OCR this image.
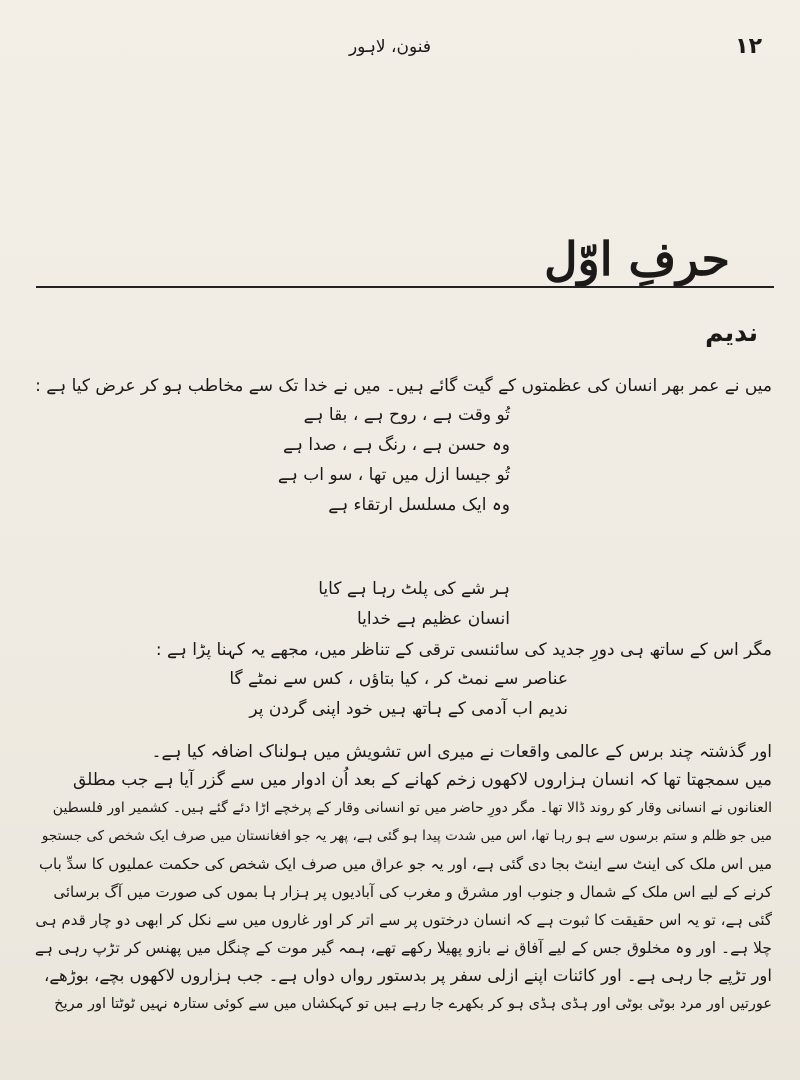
۱۲
فنون، لاہور
حرفِ اوّل
ندیم
میں نے عمر بھر انسان کی عظمتوں کے گیت گائے ہیں۔ میں نے خدا تک سے مخاطب ہو کر عرض کیا ہے :
تُو وقت ہے ، روح ہے ، بقا ہے
وہ حسن ہے ، رنگ ہے ، صدا ہے
تُو جیسا ازل میں تھا ، سو اب ہے
وہ ایک مسلسل ارتقاء ہے
ہر شے کی پلٹ رہا ہے کایا
انسان عظیم ہے خدایا
مگر اس کے ساتھ ہی دورِ جدید کی سائنسی ترقی کے تناظر میں، مجھے یہ کہنا پڑا ہے :
عناصر سے نمٹ کر ، کیا بتاؤں ، کس سے نمٹے گا
ندیم اب آدمی کے ہاتھ ہیں خود اپنی گردن پر
اور گذشتہ چند برس کے عالمی واقعات نے میری اس تشویش میں ہولناک اضافہ کیا ہے۔
میں سمجھتا تھا کہ انسان ہزاروں لاکھوں زخم کھانے کے بعد اُن ادوار میں سے گزر آیا ہے جب مطلق
العنانوں نے انسانی وقار کو روند ڈالا تھا۔ مگر دورِ حاضر میں تو انسانی وقار کے پرخچے اڑا دئے گئے ہیں۔ کشمیر اور فلسطین
میں جو ظلم و ستم برسوں سے ہو رہا تھا، اس میں شدت پیدا ہو گئی ہے، پھر یہ جو افغانستان میں صرف ایک شخص کی جستجو
میں اس ملک کی اینٹ سے اینٹ بجا دی گئی ہے، اور یہ جو عراق میں صرف ایک شخص کی حکمت عملیوں کا سدِّ باب
کرنے کے لیے اس ملک کے شمال و جنوب اور مشرق و مغرب کی آبادیوں پر ہزار ہا بموں کی صورت میں آگ برسائی
گئی ہے، تو یہ اس حقیقت کا ثبوت ہے کہ انسان درختوں پر سے اتر کر اور غاروں میں سے نکل کر ابھی دو چار قدم ہی
چلا ہے۔ اور وہ مخلوق جس کے لیے آفاق نے بازو پھیلا رکھے تھے، ہمہ گیر موت کے چنگل میں پھنس کر تڑپ رہی ہے
اور تڑپے جا رہی ہے۔ اور کائنات اپنے ازلی سفر پر بدستور رواں دواں ہے۔ جب ہزاروں لاکھوں بچے، بوڑھے،
عورتیں اور مرد بوٹی بوٹی اور ہڈی ہڈی ہو کر بکھرے جا رہے ہیں تو کہکشاں میں سے کوئی ستارہ نہیں ٹوٹتا اور مریخ
